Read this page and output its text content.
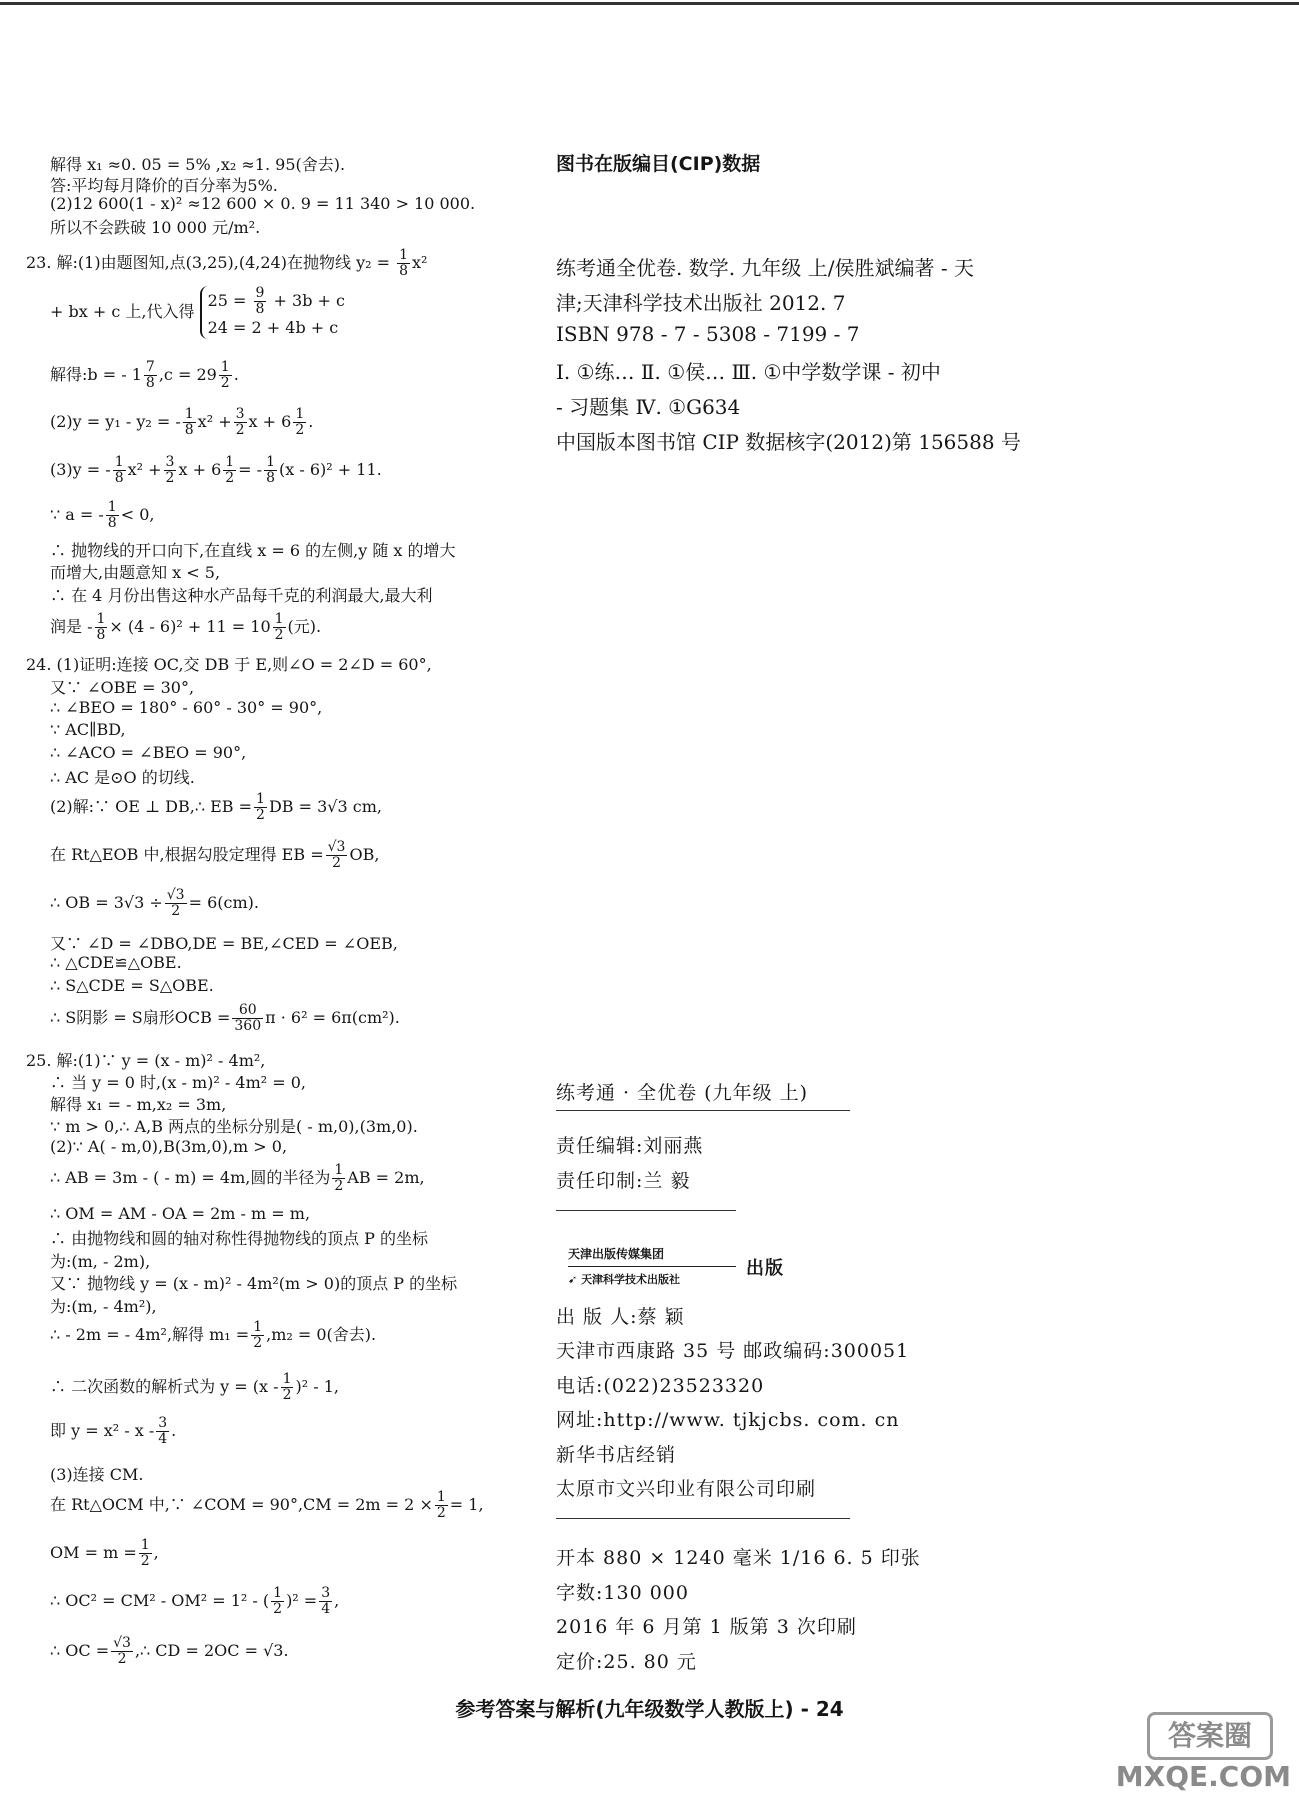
解得 x₁ ≈0. 05 = 5% ,x₂ ≈1. 95(舍去).
答:平均每月降价的百分率为5%.
(2)12 600(1 - x)² ≈12 600 × 0. 9 = 11 340 > 10 000.
所以不会跌破 10 000 元/m².
23. 解:(1)由题图知,点(3,25),(4,24)在抛物线 $y_2 = \frac{1}{8} x^2$
+ bx + c 上,代入得
$25 = \frac{9}{8} + 3b + c$
24 = 2 + 4b + c
解得:b = - $1 \frac{7}{8} ,c = 29 \frac{1}{2}$ .
(2)y = y₁ - y₂ = - $\frac{1}{8} x^2 + \frac{3}{2}$ $x + 6 \frac{1}{2}$ .
(3)y = - $\frac{1}{8} x^2 + \frac{3}{2}$ $x + 6 \frac{1}{2}$ = - $\frac{1}{8} (x - 6)^2 + 11$.
∵ a = - $\frac{1}{8} < 0$,
∴ 抛物线的开口向下,在直线 x = 6 的左侧,y 随 x 的增大
而增大,由题意知 x < 5,
∴ 在 4 月份出售这种水产品每千克的利润最大,最大利
润是 - $\frac{1}{8} \times (4 - 6)^2 + 11 = 10 \frac{1}{2}$ (元).
24. (1)证明:连接 OC,交 DB 于 E,则∠O = 2∠D = 60°,
又∵ ∠OBE = 30°,
∴ ∠BEO = 180° - 60° - 30° = 90°,
∵ AC∥BD,
∴ ∠ACO = ∠BEO = 90°,
∴ AC 是⊙O 的切线.
(2)解:∵ OE ⊥ DB,∴ EB = $\frac{1}{2}$ DB = 3√3 cm,
在 Rt△EOB 中,根据勾股定理得 EB = $\frac{√3}{2}$ OB,
∴ OB = $3√3 \div \frac{√3}{2} = 6(cm)$.
又∵ ∠D = ∠DBO,DE = BE,∠CED = ∠OEB,
∴ △CDE≌△OBE.
∴ S△CDE = S△OBE.
∴ S阴影 = S扇形OCB = $\frac{60}{360}$ π · 6² = 6π(cm²).
25. 解:(1)∵ y = (x - m)² - 4m²,
∴ 当 y = 0 时,(x - m)² - 4m² = 0,
解得 x₁ = - m,x₂ = 3m,
∵ m > 0,∴ A,B 两点的坐标分别是( - m,0),(3m,0).
(2)∵ A( - m,0),B(3m,0),m > 0,
∴ AB = 3m - ( - m) = 4m,圆的半径为 $\frac{1}{2}$ AB = 2m,
∴ OM = AM - OA = 2m - m = m,
∴ 由抛物线和圆的轴对称性得抛物线的顶点 P 的坐标
为:(m, - 2m),
又∵ 抛物线 y = (x - m)² - 4m²(m > 0)的顶点 P 的坐标
为:(m, - 4m²),
∴ - 2m = - 4m²,解得 $m_1 = \frac{1}{2} ,m_2 = 0$(舍去).
∴ 二次函数的解析式为 $y = (x - \frac{1}{2} )^2 - 1$,
即 $y = x^2 - x - \frac{3}{4}$ .
(3)连接 CM.
在 Rt△OCM 中,∵ ∠COM = $90^\circ,CM = 2m = 2 \times \frac{1}{2} = 1$,
OM = $m = \frac{1}{2}$ ,
∴ OC² = CM² - OM² = 1² - ( $\frac{1}{2} )^2 = \frac{3}{4}$ ,
∴ OC = $\frac{√3}{2}$ ,∴ CD = 2OC = √3.
图书在版编目(CIP)数据
练考通全优卷. 数学. 九年级 上/侯胜斌编著 - 天
津;天津科学技术出版社 2012. 7
ISBN 978 - 7 - 5308 - 7199 - 7
Ⅰ. ①练… Ⅱ. ①侯… Ⅲ. ①中学数学课 - 初中
- 习题集 Ⅳ. ①G634
中国版本图书馆 CIP 数据核字(2012)第 156588 号
练考通 · 全优卷 (九年级 上)
责任编辑:刘丽燕
责任印制:兰 毅
天津出版传媒集团
➹ 天津科学技术出版社
出版
出 版 人:蔡 颖
天津市西康路 35 号 邮政编码:300051
电话:(022)23523320
网址:http://www. tjkjcbs. com. cn
新华书店经销
太原市文兴印业有限公司印刷
开本 880 × 1240 毫米 1/16 6. 5 印张
字数:130 000
2016 年 6 月第 1 版第 3 次印刷
定价:25. 80 元
参考答案与解析(九年级数学人教版上) - 24
答案圈
MXQE.COM
